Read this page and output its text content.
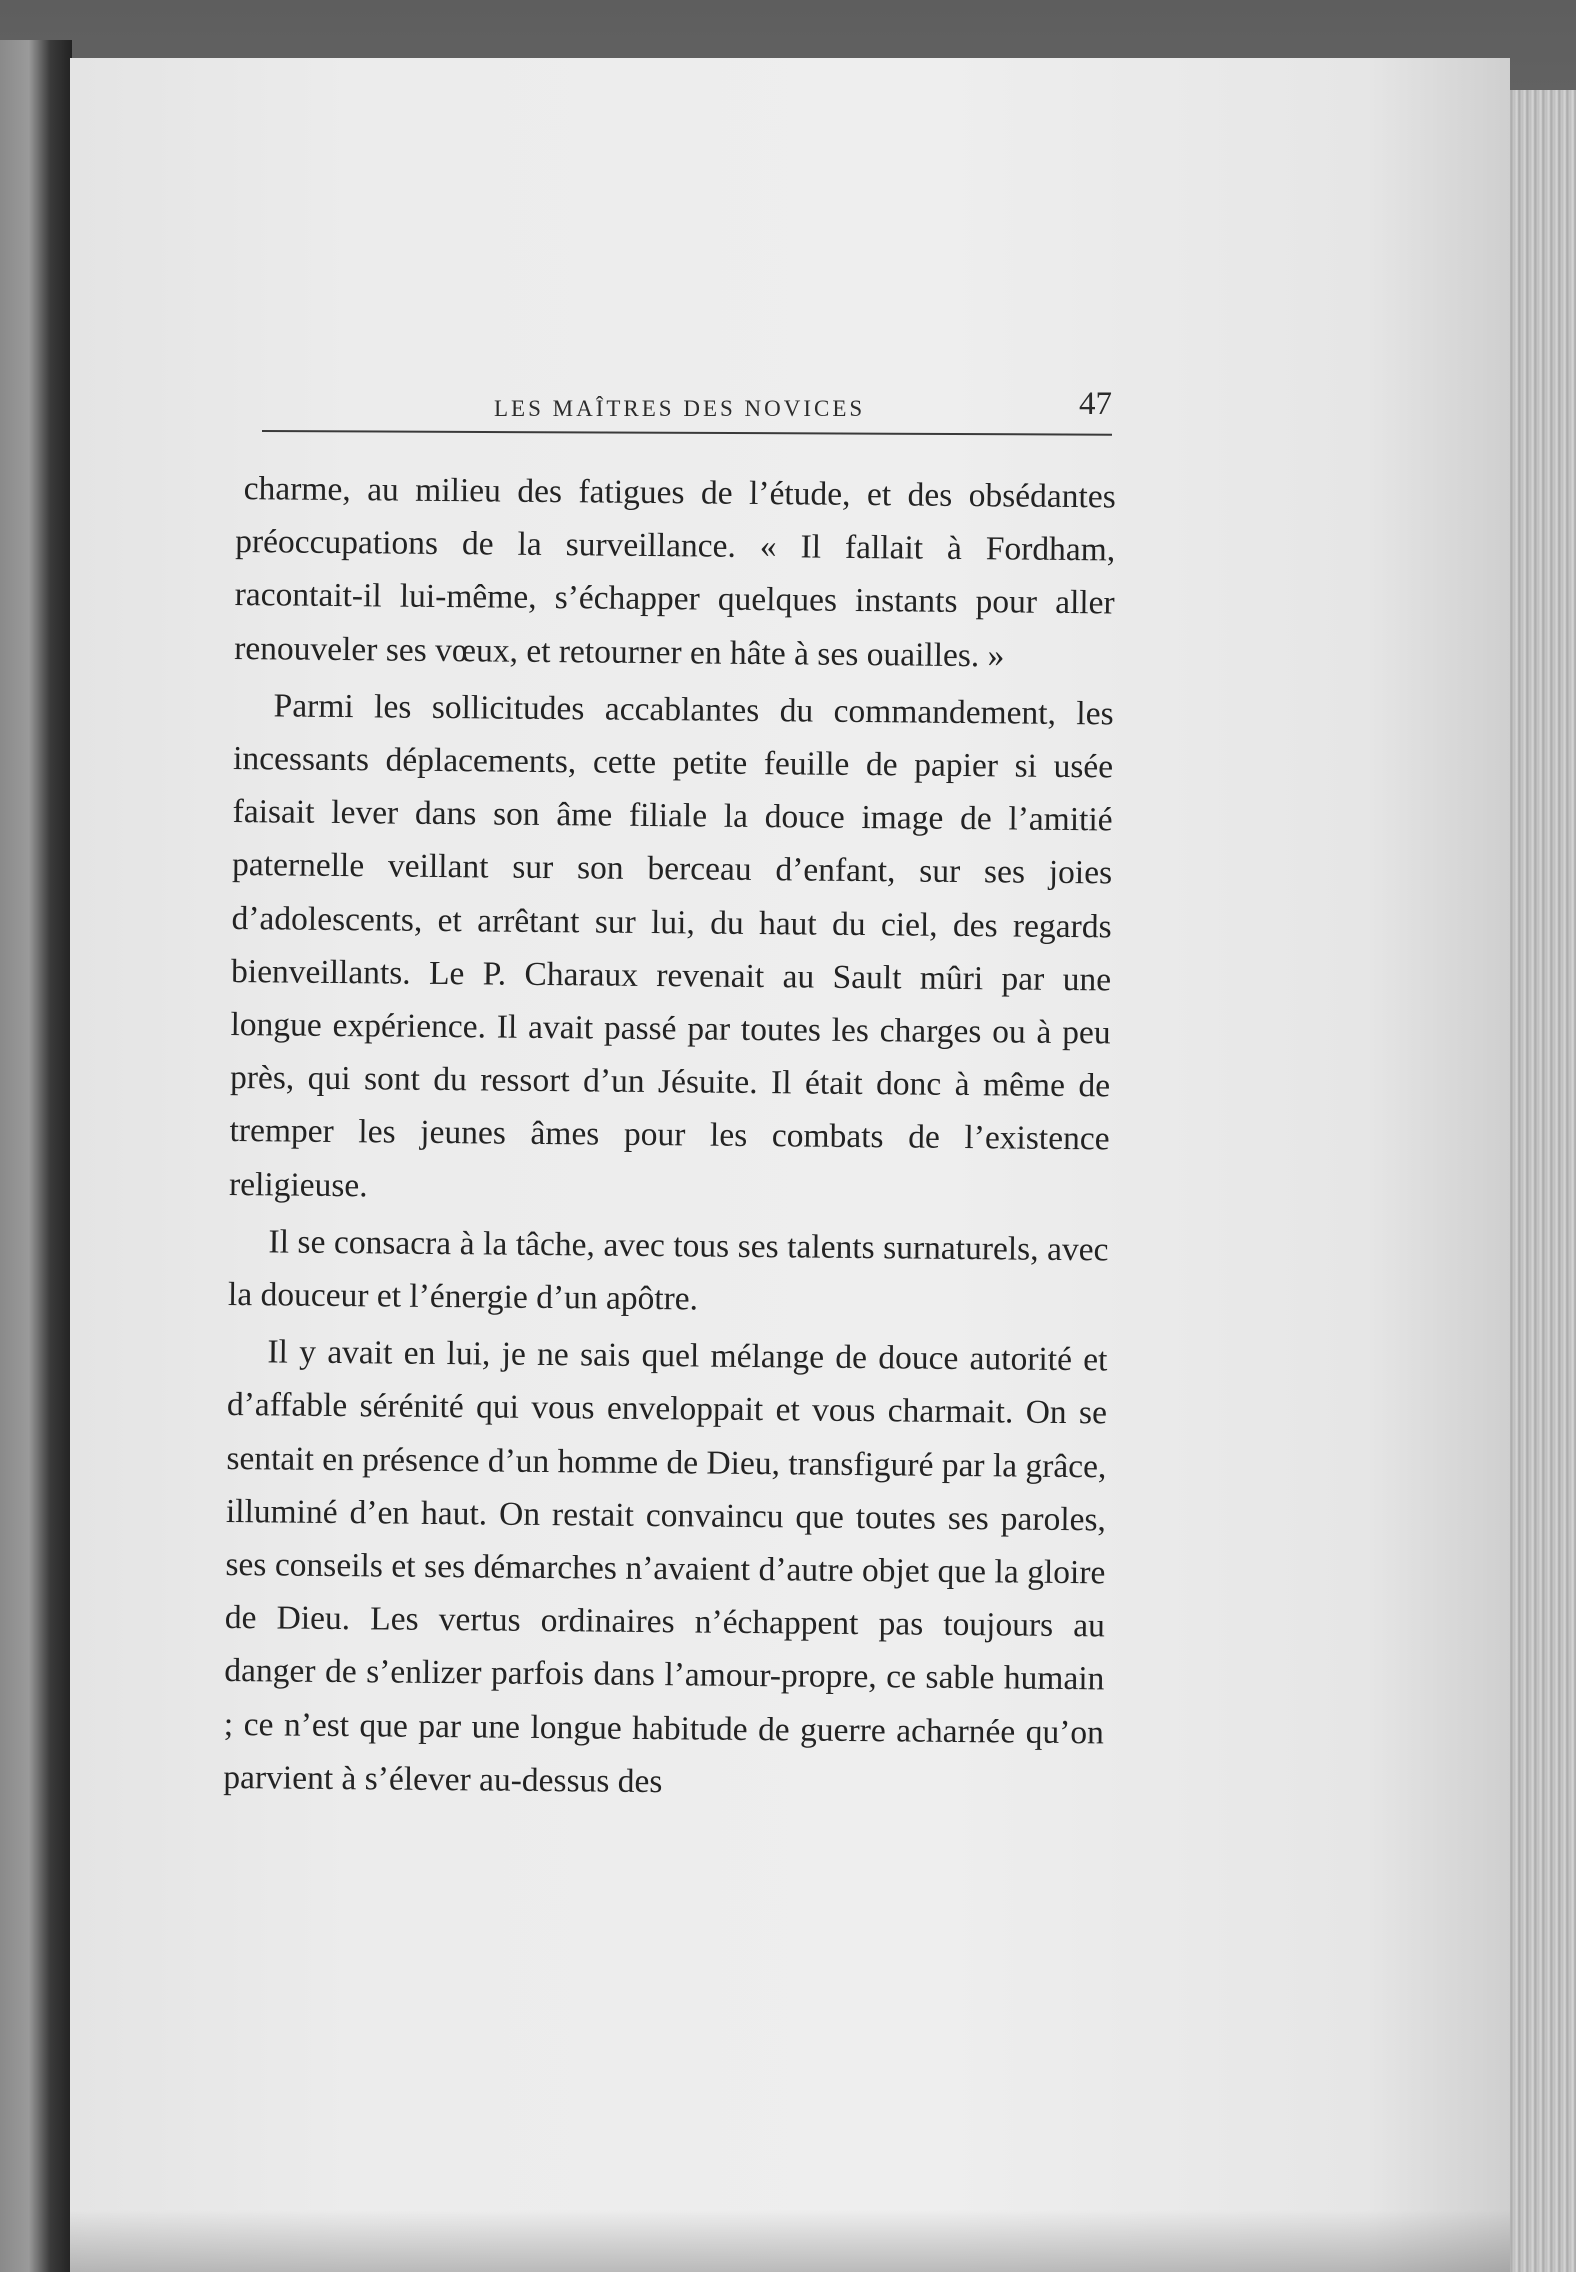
LES MAÎTRES DES NOVICES	47

charme, au milieu des fatigues de l’étude, et des obsédantes préoccupations de la surveillance. « Il fallait à Fordham, racontait-il lui-même, s’échapper quelques instants pour aller renouveler ses vœux, et retourner en hâte à ses ouailles. »

Parmi les sollicitudes accablantes du commandement, les incessants déplacements, cette petite feuille de papier si usée faisait lever dans son âme filiale la douce image de l’amitié paternelle veillant sur son berceau d’enfant, sur ses joies d’adolescents, et arrêtant sur lui, du haut du ciel, des regards bienveillants. Le P. Charaux revenait au Sault mûri par une longue expérience. Il avait passé par toutes les charges ou à peu près, qui sont du ressort d’un Jésuite. Il était donc à même de tremper les jeunes âmes pour les combats de l’existence religieuse.

Il se consacra à la tâche, avec tous ses talents surnaturels, avec la douceur et l’énergie d’un apôtre.

Il y avait en lui, je ne sais quel mélange de douce autorité et d’affable sérénité qui vous enveloppait et vous charmait. On se sentait en présence d’un homme de Dieu, transfiguré par la grâce, illuminé d’en haut. On restait convaincu que toutes ses paroles, ses conseils et ses démarches n’avaient d’autre objet que la gloire de Dieu. Les vertus ordinaires n’échappent pas toujours au danger de s’enlizer parfois dans l’amour-propre, ce sable humain ; ce n’est que par une longue habitude de guerre acharnée qu’on parvient à s’élever au-dessus des
